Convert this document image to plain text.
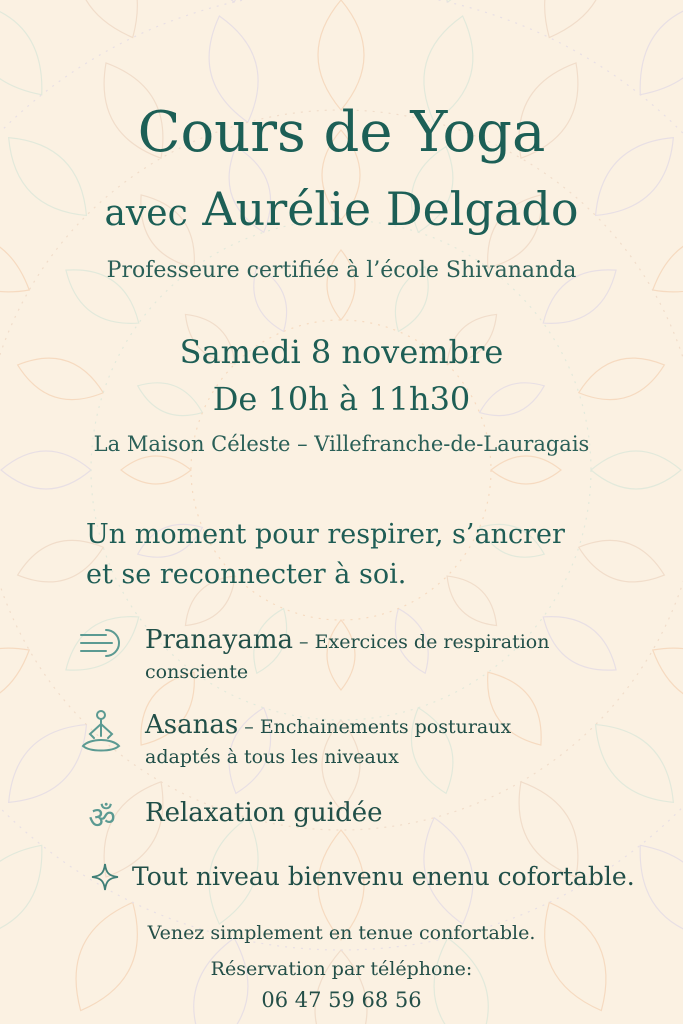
Cours de Yoga
avec Aurélie Delgado
Professeure certifiée à l’école Shivananda
Samedi 8 novembre
De 10h à 11h30
La Maison Céleste – Villefranche-de-Lauragais
Un moment pour respirer, s’ancrer
et se reconnecter à soi.
Pranayama – Exercices de respiration
consciente
Asanas – Enchainements posturaux
adaptés à tous les niveaux
ॐ Relaxation guidée
Tout niveau bienvenu enenu cofortable.
Venez simplement en tenue confortable.
Réservation par téléphone:
06 47 59 68 56
